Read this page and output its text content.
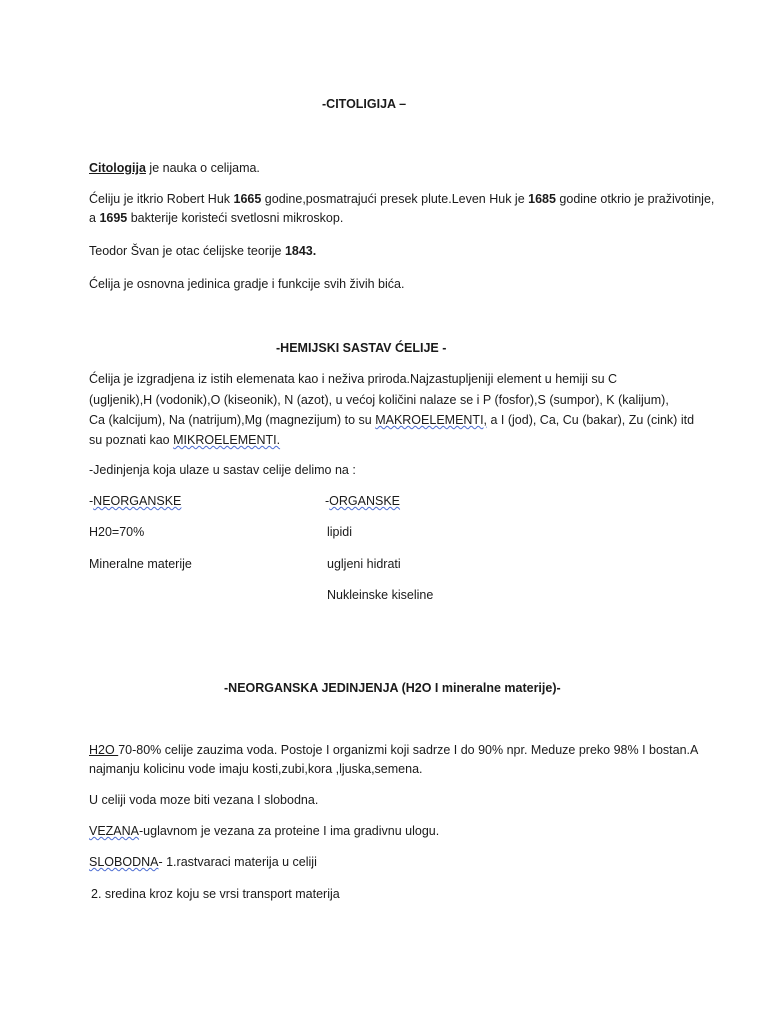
-CITOLIGIJA –
Citologija je nauka o celijama.
Ćeliju je itkrio Robert Huk 1665 godine,posmatrajući presek plute.Leven Huk je 1685 godine otkrio je praživotinje,
a 1695 bakterije koristeći svetlosni mikroskop.
Teodor Švan je otac ćelijske teorije 1843.
Ćelija je osnovna jedinica gradje i funkcije svih živih bića.
-HEMIJSKI SASTAV ĆELIJE -
Ćelija je izgradjena iz istih elemenata kao i neživa priroda.Najzastupljeniji element u hemiji su C
(ugljenik),H (vodonik),O (kiseonik), N (azot), u većoj količini nalaze se i P (fosfor),S (sumpor), K (kalijum),
Ca (kalcijum), Na (natrijum),Mg (magnezijum) to su MAKROELEMENTI, a I (jod), Ca, Cu (bakar), Zu (cink) itd
su poznati kao MIKROELEMENTI.
-Jedinjenja koja ulaze u sastav celije delimo na :
-NEORGANSKE	-ORGANSKE
H20=70%
Mineralne materije
lipidi
ugljeni hidrati
Nukleinske kiseline
-NEORGANSKA JEDINJENJA (H2O I mineralne materije)-
H2O 70-80% celije zauzima voda. Postoje I organizmi koji sadrze I do 90% npr. Meduze preko 98% I bostan.A
najmanju kolicinu vode imaju kosti,zubi,kora ,ljuska,semena.
U celiji voda moze biti vezana I slobodna.
VEZANA-uglavnom je vezana za proteine I ima gradivnu ulogu.
SLOBODNA- 1.rastvaraci materija u celiji
2. sredina kroz koju se vrsi transport materija
